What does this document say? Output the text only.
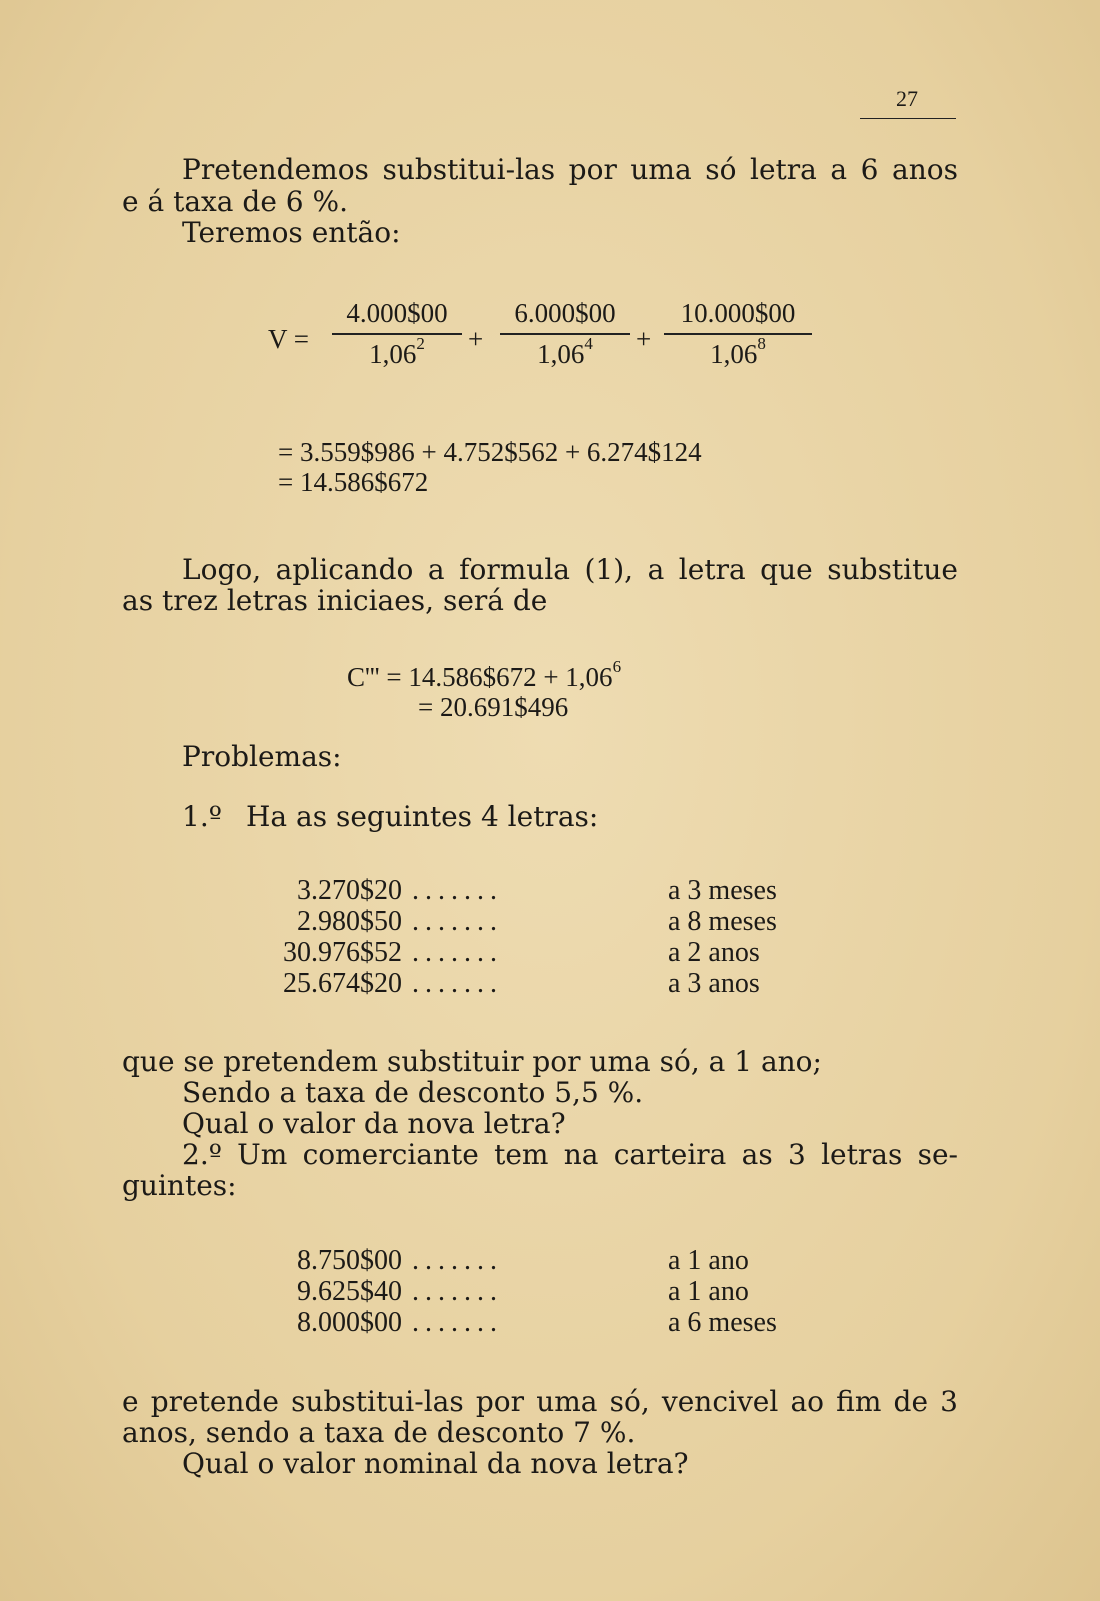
27
Pretendemos substitui-las por uma só letra a 6 anos
e á taxa de 6 %.
Teremos então:
V =
4.000$00
$1,06^2$	+
6.000$00
$1,06^4$	+
10.000$00
$1,06^8$
= 3.559$986 + 4.752$562 + 6.274$124
= 14.586$672
Logo, aplicando a formula (1), a letra que substitue
as trez letras iniciaes, será de
C''' = 14.586$672 + $1,06^6$
= 20.691$496
Problemas:
1.º Ha as seguintes 4 letras:
3.270$20 .......	a 3 meses
2.980$50 .......	a 8 meses
30.976$52 .......	a 2 anos
25.674$20 .......	a 3 anos
que se pretendem substituir por uma só, a 1 ano;
Sendo a taxa de desconto 5,5 %.
Qual o valor da nova letra?
2.º Um comerciante tem na carteira as 3 letras se-
guintes:
8.750$00 .......	a 1 ano
9.625$40 .......	a 1 ano
8.000$00 .......	a 6 meses
e pretende substitui-las por uma só, vencivel ao fim de 3
anos, sendo a taxa de desconto 7 %.
Qual o valor nominal da nova letra?
